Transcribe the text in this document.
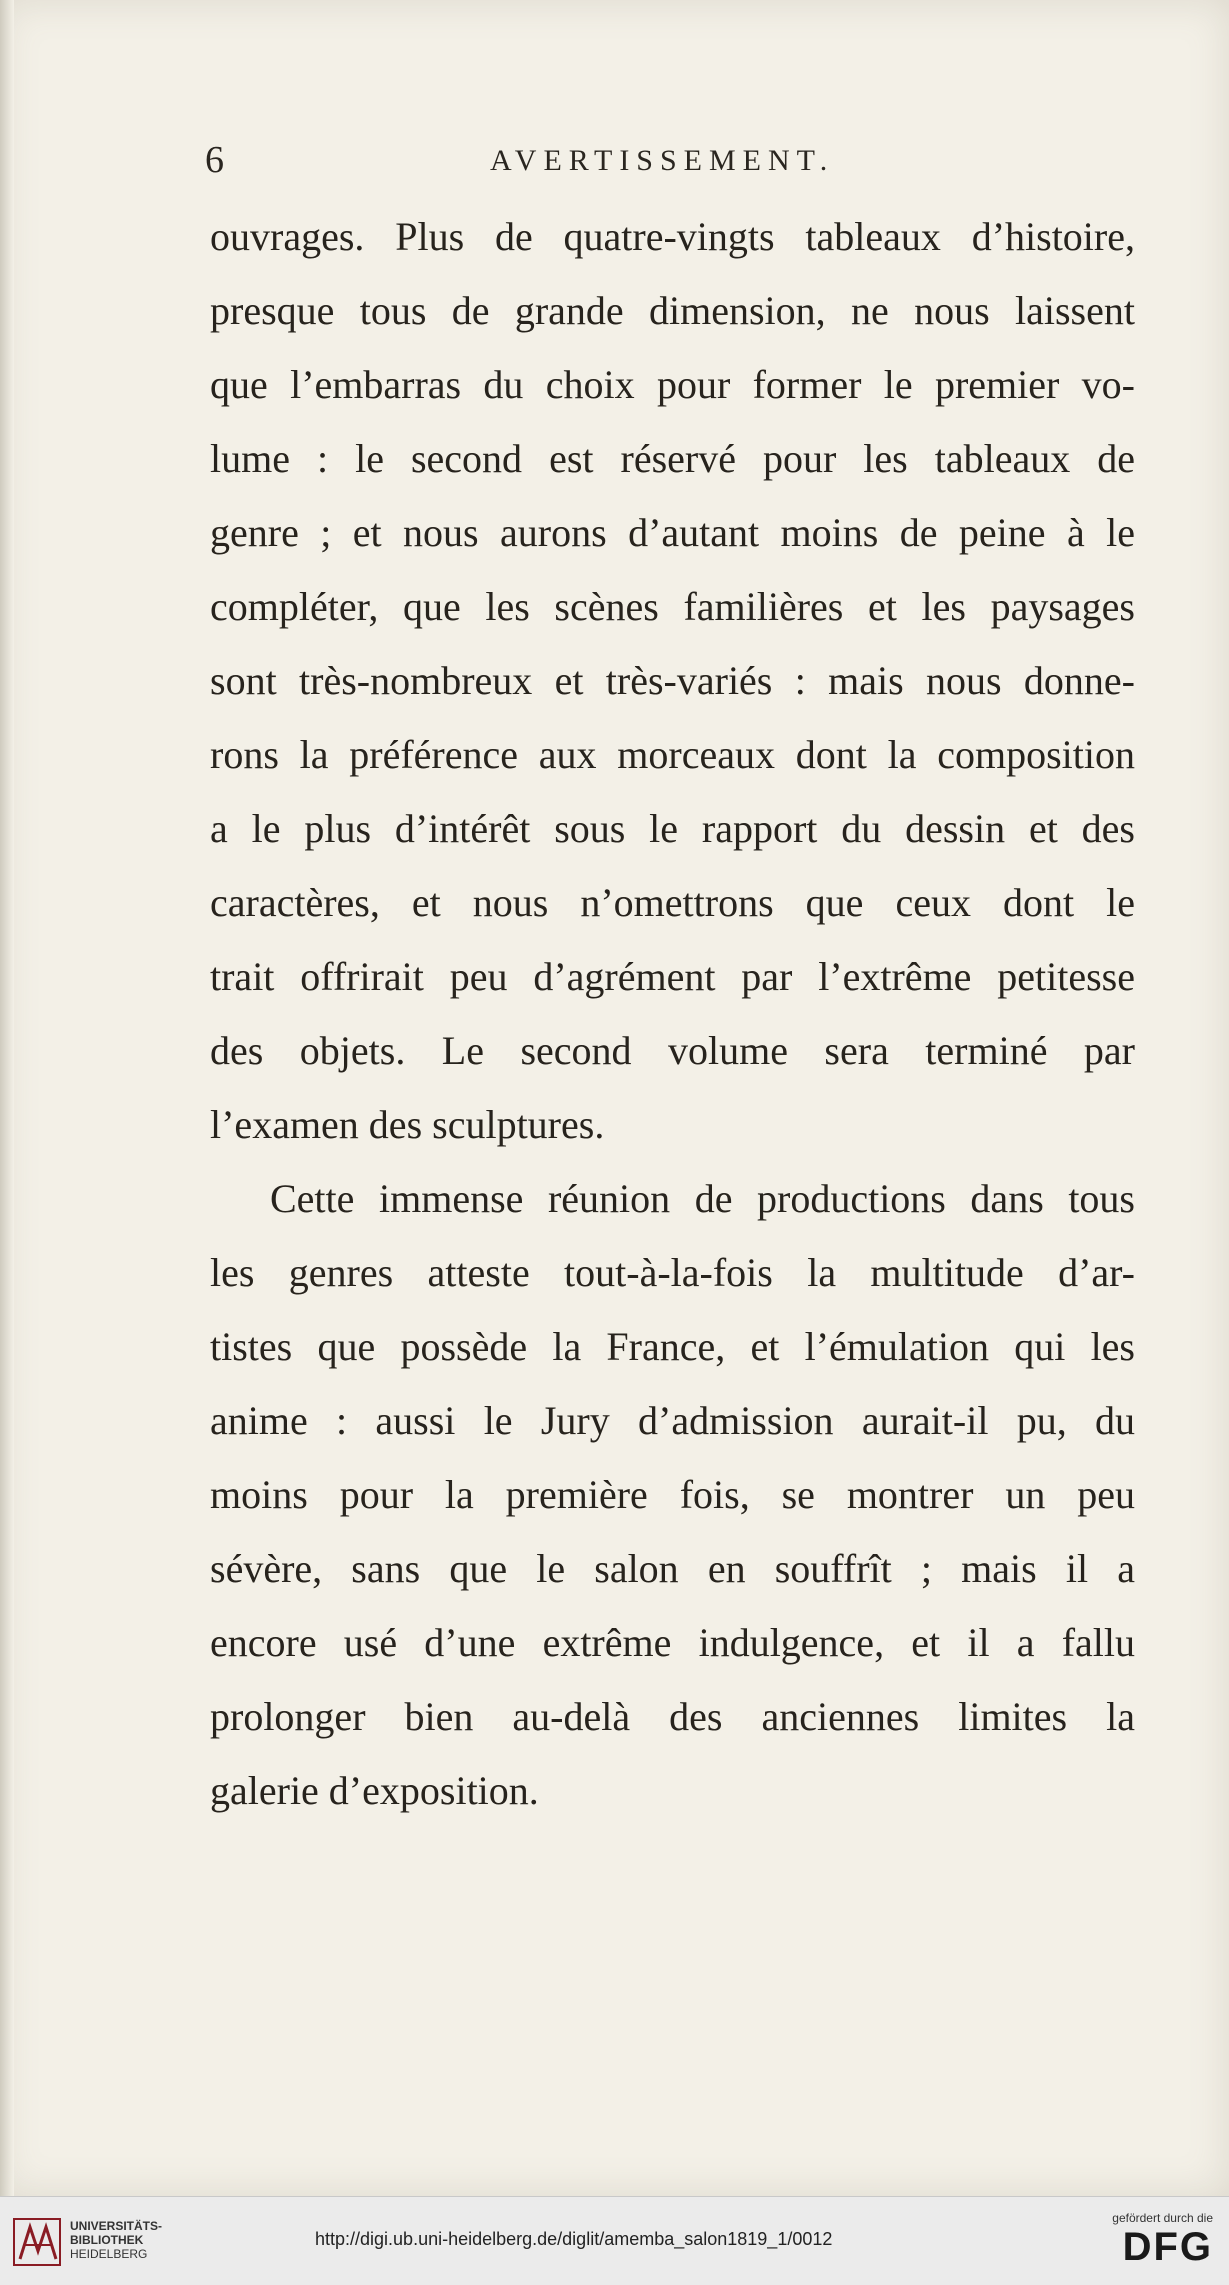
6	AVERTISSEMENT.
ouvrages. Plus de quatre-vingts tableaux d’histoire,
presque tous de grande dimension, ne nous laissent
que l’embarras du choix pour former le premier vo-
lume : le second est réservé pour les tableaux de
genre ; et nous aurons d’autant moins de peine à le
compléter, que les scènes familières et les paysages
sont très-nombreux et très-variés : mais nous donne-
rons la préférence aux morceaux dont la composition
a le plus d’intérêt sous le rapport du dessin et des
caractères, et nous n’omettrons que ceux dont le
trait offrirait peu d’agrément par l’extrême petitesse
des objets. Le second volume sera terminé par
l’examen des sculptures.
Cette immense réunion de productions dans tous
les genres atteste tout-à-la-fois la multitude d’ar-
tistes que possède la France, et l’émulation qui les
anime : aussi le Jury d’admission aurait-il pu, du
moins pour la première fois, se montrer un peu
sévère, sans que le salon en souffrît ; mais il a
encore usé d’une extrême indulgence, et il a fallu
prolonger bien au-delà des anciennes limites la
galerie d’exposition.
UNIVERSITÄTS-
BIBLIOTHEK
HEIDELBERG
http://digi.ub.uni-heidelberg.de/diglit/amemba_salon1819_1/0012
gefördert durch die
DFG
